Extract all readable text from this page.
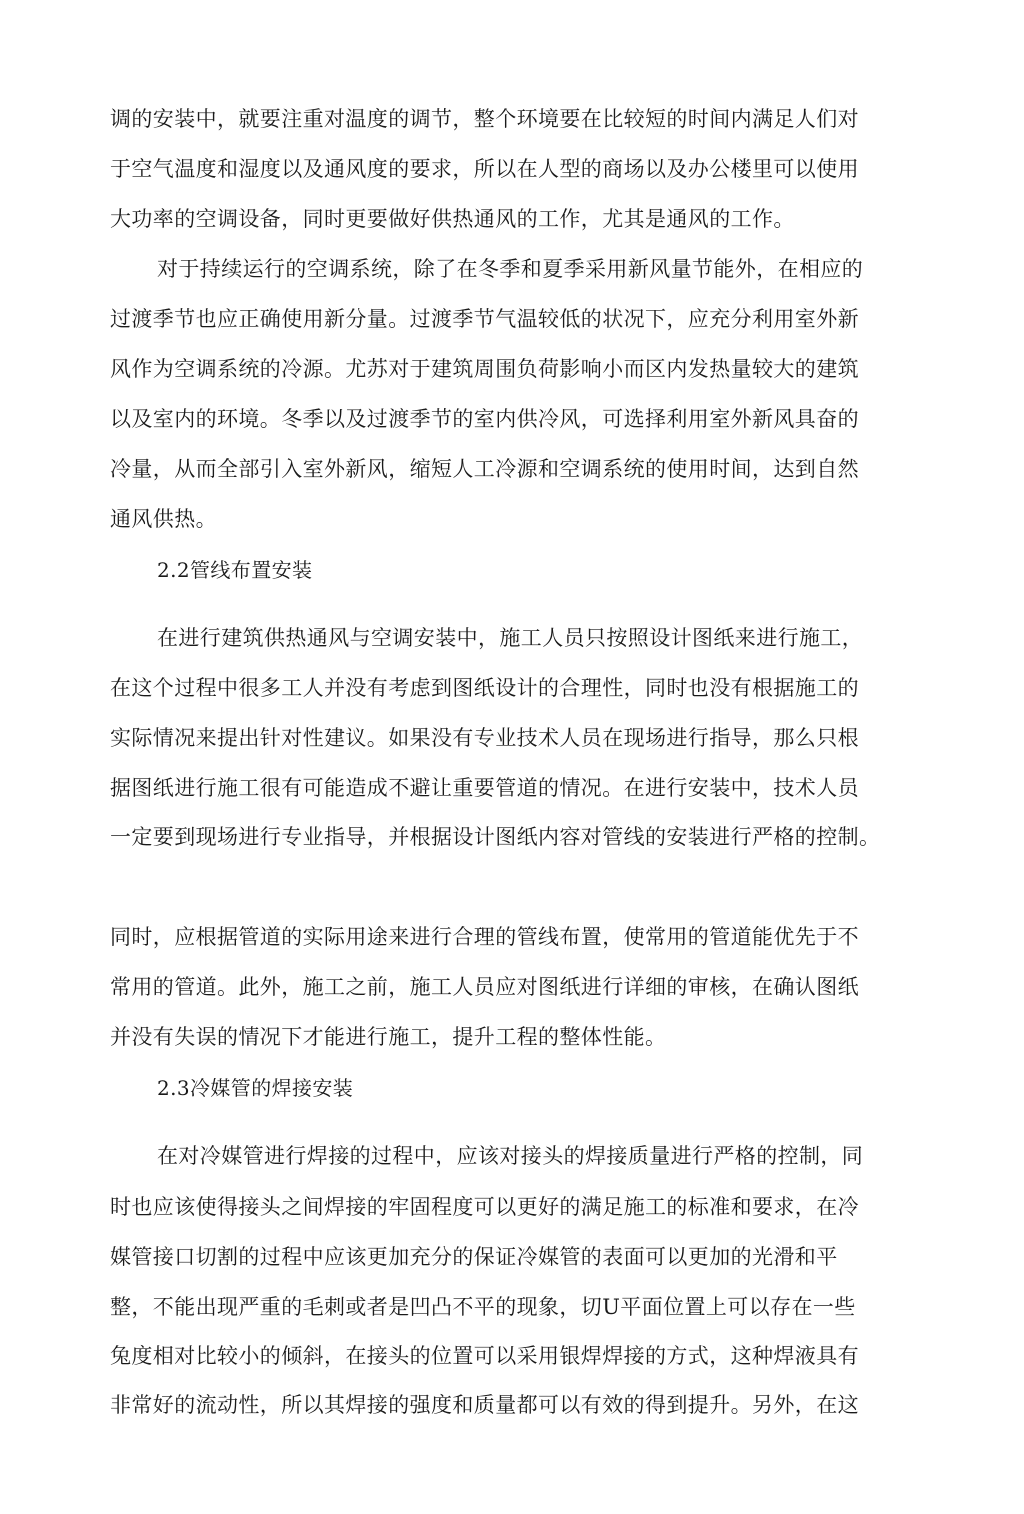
调的安装中，就要注重对温度的调节，整个环境要在比较短的时间内满足人们对
于空气温度和湿度以及通风度的要求，所以在人型的商场以及办公楼里可以使用
大功率的空调设备，同时更要做好供热通风的工作，尤其是通风的工作。
对于持续运行的空调系统，除了在冬季和夏季采用新风量节能外，在相应的
过渡季节也应正确使用新分量。过渡季节气温较低的状况下，应充分利用室外新
风作为空调系统的冷源。尤苏对于建筑周围负荷影响小而区内发热量较大的建筑
以及室内的环境。冬季以及过渡季节的室内供冷风，可选择利用室外新风具奋的
冷量，从而全部引入室外新风，缩短人工冷源和空调系统的使用时间，达到自然
通风供热。
2.2管线布置安装
在进行建筑供热通风与空调安装中，施工人员只按照设计图纸来进行施工，
在这个过程中很多工人并没有考虑到图纸设计的合理性，同时也没有根据施工的
实际情况来提出针对性建议。如果没有专业技术人员在现场进行指导，那么只根
据图纸进行施工很有可能造成不避让重要管道的情况。在进行安装中，技术人员
一定要到现场进行专业指导，并根据设计图纸内容对管线的安装进行严格的控制。
同时，应根据管道的实际用途来进行合理的管线布置，使常用的管道能优先于不
常用的管道。此外，施工之前，施工人员应对图纸进行详细的审核，在确认图纸
并没有失误的情况下才能进行施工，提升工程的整体性能。
2.3冷媒管的焊接安装
在对冷媒管进行焊接的过程中，应该对接头的焊接质量进行严格的控制，同
时也应该使得接头之间焊接的牢固程度可以更好的满足施工的标准和要求，在冷
媒管接口切割的过程中应该更加充分的保证冷媒管的表面可以更加的光滑和平
整，不能出现严重的毛刺或者是凹凸不平的现象，切U平面位置上可以存在一些
兔度相对比较小的倾斜，在接头的位置可以采用银焊焊接的方式，这种焊液具有
非常好的流动性，所以其焊接的强度和质量都可以有效的得到提升。另外，在这
